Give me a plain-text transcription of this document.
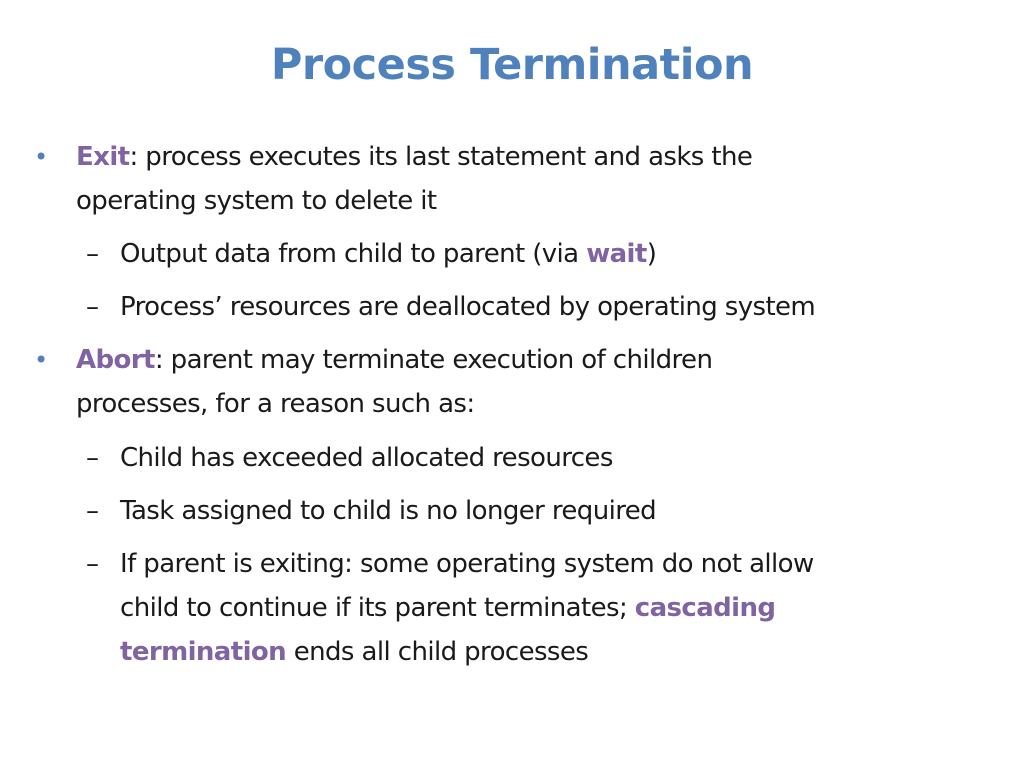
Process Termination
• Exit: process executes its last statement and asks the
operating system to delete it
– Output data from child to parent (via wait)
– Process’ resources are deallocated by operating system
• Abort: parent may terminate execution of children
processes, for a reason such as:
– Child has exceeded allocated resources
– Task assigned to child is no longer required
– If parent is exiting: some operating system do not allow
child to continue if its parent terminates; cascading
termination ends all child processes
